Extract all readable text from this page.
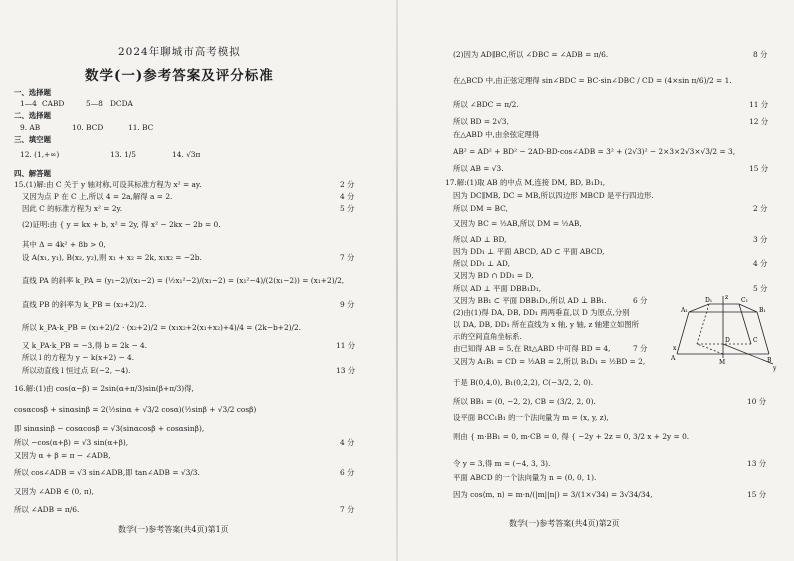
2024年聊城市高考模拟
数学(一)参考答案及评分标准
一、选择题
1—4 CABD	5—8 DCDA
二、选择题
9. AB	10. BCD	11. BC
三、填空题
12. (1,+∞)	13. 1/5	14. √3π
四、解答题
15.(1)解:由 C 关于 y 轴对称,可设其标准方程为 x² = ay.	2 分
又因为点 P 在 C 上,所以 4 = 2a,解得 a = 2.	4 分
因此 C 的标准方程为 x² = 2y.	5 分
(2)证明:由 { y = kx + b, x² = 2y, 得 x² − 2kx − 2b = 0.
其中 Δ = 4k² + 8b > 0,
设 A(x₁, y₁), B(x₂, y₂),则 x₁ + x₂ = 2k, x₁x₂ = −2b.	7 分
直线 PA 的斜率 k_PA = (y₁−2)/(x₁−2) = (½x₁²−2)/(x₁−2) = (x₁²−4)/(2(x₁−2)) = (x₁+2)/2,
直线 PB 的斜率为 k_PB = (x₂+2)/2.	9 分
所以 k_PA·k_PB = (x₁+2)/2 · (x₂+2)/2 = (x₁x₂+2(x₁+x₂)+4)/4 = (2k−b+2)/2.
又 k_PA·k_PB = −3,得 b = 2k − 4.	11 分
所以 l 的方程为 y − k(x+2) − 4.
所以动直线 l 恒过点 E(−2, −4).	13 分
16.解:(1)由 cos(α−β) = 2sin(α+π/3)sin(β+π/3)得,
cosαcosβ + sinαsinβ = 2(½sinα + √3/2 cosα)(½sinβ + √3/2 cosβ)
即 sinαsinβ − cosαcosβ = √3(sinαcosβ + cosαsinβ),
所以 −cos(α+β) = √3 sin(α+β),	4 分
又因为 α + β = π − ∠ADB,
所以 cos∠ADB = √3 sin∠ADB,即 tan∠ADB = √3/3.	6 分
又因为 ∠ADB ∈ (0, π),
所以 ∠ADB = π/6.	7 分
数学(一)参考答案(共4页)第1页
(2)因为 AD∥BC,所以 ∠DBC = ∠ADB = π/6.	8 分
在△BCD 中,由正弦定理得 sin∠BDC = BC·sin∠DBC / CD = (4×sin π/6)/2 = 1.
所以 ∠BDC = π/2.	11 分
所以 BD = 2√3,	12 分
在△ABD 中,由余弦定理得
AB² = AD² + BD² − 2AD·BD·cos∠ADB = 3² + (2√3)² − 2×3×2√3×√3/2 = 3,
所以 AB = √3.	15 分
17.解:(1)取 AB 的中点 M,连接 DM, BD, B₁D₁,
因为 DC∥MB, DC = MB,所以四边形 MBCD 是平行四边形.
所以 DM = BC,	2 分
又因为 BC = ½AB,所以 DM = ½AB,
所以 AD ⊥ BD,	3 分
因为 DD₁ ⊥ 平面 ABCD, AD ⊂ 平面 ABCD,
所以 DD₁ ⊥ AD,	4 分
又因为 BD ∩ DD₁ = D,
所以 AD ⊥ 平面 DBB₁D₁,	5 分
又因为 BB₁ ⊂ 平面 DBB₁D₁,所以 AD ⊥ BB₁.	6 分
(2)由(1)得 DA, DB, DD₁ 两两垂直,以 D 为原点,分别
以 DA, DB, DD₁ 所在直线为 x 轴, y 轴, z 轴建立如图所
示的空间直角坐标系.
由已知得 AB = 5,在 Rt△ABD 中可得 BD = 4,	7 分
又因为 A₁B₁ = CD = ½AB = 2,所以 B₁D₁ = ½BD = 2,
于是 B(0,4,0), B₁(0,2,2), C(−3/2, 2, 0).
所以 BB₁ = (0, −2, 2), CB = (3/2, 2, 0).	10 分
设平面 BCC₁B₁ 的一个法向量为 m = (x, y, z),
则由 { m·BB₁ = 0, m·CB = 0, 得 { −2y + 2z = 0, 3/2 x + 2y = 0.
令 y = 3,得 m = (−4, 3, 3).	13 分
平面 ABCD 的一个法向量为 n = (0, 0, 1).
因为 cos⟨m, n⟩ = m·n/(|m||n|) = 3/(1×√34) = 3√34/34,	15 分
z
A₁
D₁	C₁
B₁
D	C
A
M	B
x
y
数学(一)参考答案(共4页)第2页
